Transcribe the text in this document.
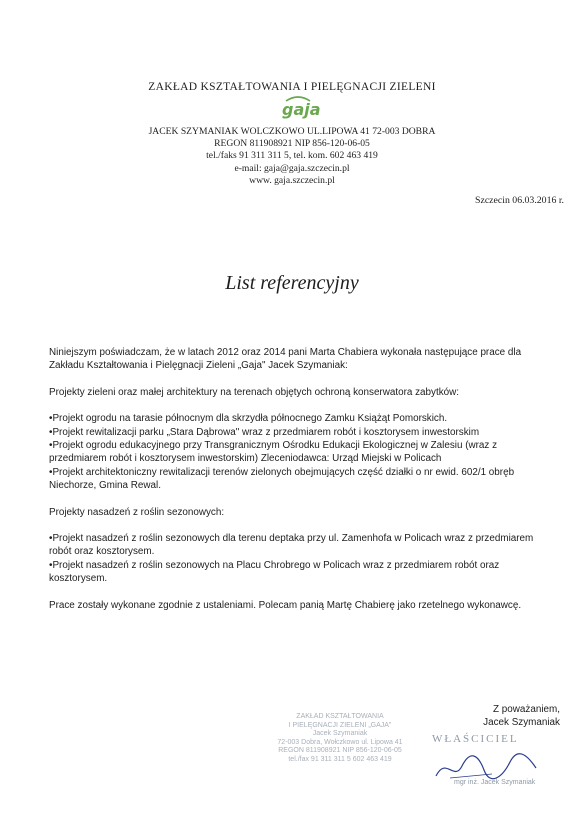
ZAKŁAD KSZTAŁTOWANIA I PIELĘGNACJI ZIELENI
gaja
JACEK SZYMANIAK WOLCZKOWO UL.LIPOWA 41 72-003 DOBRA
REGON 811908921 NIP 856-120-06-05
tel./faks 91 311 311 5, tel. kom. 602 463 419
e-mail: gaja@gaja.szczecin.pl
www. gaja.szczecin.pl
Szczecin 06.03.2016 r.
List referencyjny

Niniejszym poświadczam, że w latach 2012 oraz 2014 pani Marta Chabiera wykonała następujące prace dla Zakładu Kształtowania i Pielęgnacji Zieleni „Gaja" Jacek Szymaniak:

Projekty zieleni oraz małej architektury na terenach objętych ochroną konserwatora zabytków:

•Projekt ogrodu na tarasie północnym dla skrzydła północnego Zamku Książąt Pomorskich.

•Projekt rewitalizacji parku „Stara Dąbrowa" wraz z przedmiarem robót i kosztorysem inwestorskim

•Projekt ogrodu edukacyjnego przy Transgranicznym Ośrodku Edukacji Ekologicznej w Zalesiu (wraz z przedmiarem robót i kosztorysem inwestorskim) Zleceniodawca: Urząd Miejski w Policach

•Projekt architektoniczny rewitalizacji terenów zielonych obejmujących część działki o nr ewid. 602/1 obręb Niechorze, Gmina Rewal.

Projekty nasadzeń z roślin sezonowych:

•Projekt nasadzeń z roślin sezonowych dla terenu deptaka przy ul. Zamenhofa w Policach wraz z przedmiarem robót oraz kosztorysem.

•Projekt nasadzeń z roślin sezonowych na Placu Chrobrego w Policach wraz z przedmiarem robót oraz kosztorysem.

Prace zostały wykonane zgodnie z ustaleniami. Polecam panią Martę Chabierę jako rzetelnego wykonawcę.

Z poważaniem,
Jacek Szymaniak
ZAKŁAD KSZTAŁTOWANIA
I PIELĘGNACJI ZIELENI „GAJA"
Jacek Szymaniak
72-003 Dobra, Wołczkowo ul. Lipowa 41
REGON 811908921 NIP 856-120-06-05
tel./fax 91 311 311 5 602 463 419
WŁAŚCICIEL
mgr inż. Jacek Szymaniak
